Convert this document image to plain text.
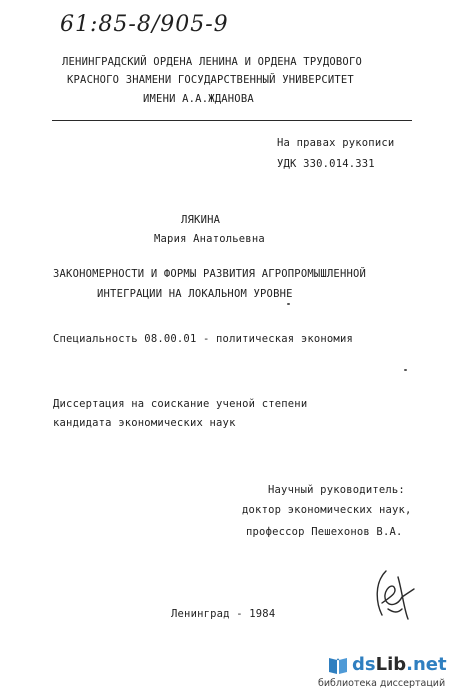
61:85-8/905-9

ЛЕНИНГРАДСКИЙ ОРДЕНА ЛЕНИНА И ОРДЕНА ТРУДОВОГО

КРАСНОГО ЗНАМЕНИ ГОСУДАРСТВЕННЫЙ УНИВЕРСИТЕТ

ИМЕНИ А.А.ЖДАНОВА

На правах рукописи

УДК 330.014.331

ЛЯКИНА

Мария Анатольевна

ЗАКОНОМЕРНОСТИ И ФОРМЫ РАЗВИТИЯ АГРОПРОМЫШЛЕННОЙ

ИНТЕГРАЦИИ НА ЛОКАЛЬНОМ УРОВНЕ

Специальность 08.00.01 - политическая экономия

Диссертация на соискание ученой степени

кандидата экономических наук

Научный руководитель:

доктор экономических наук,

профессор Пешехонов В.А.

Ленинград - 1984

dsLib.net

библиотека диссертаций
